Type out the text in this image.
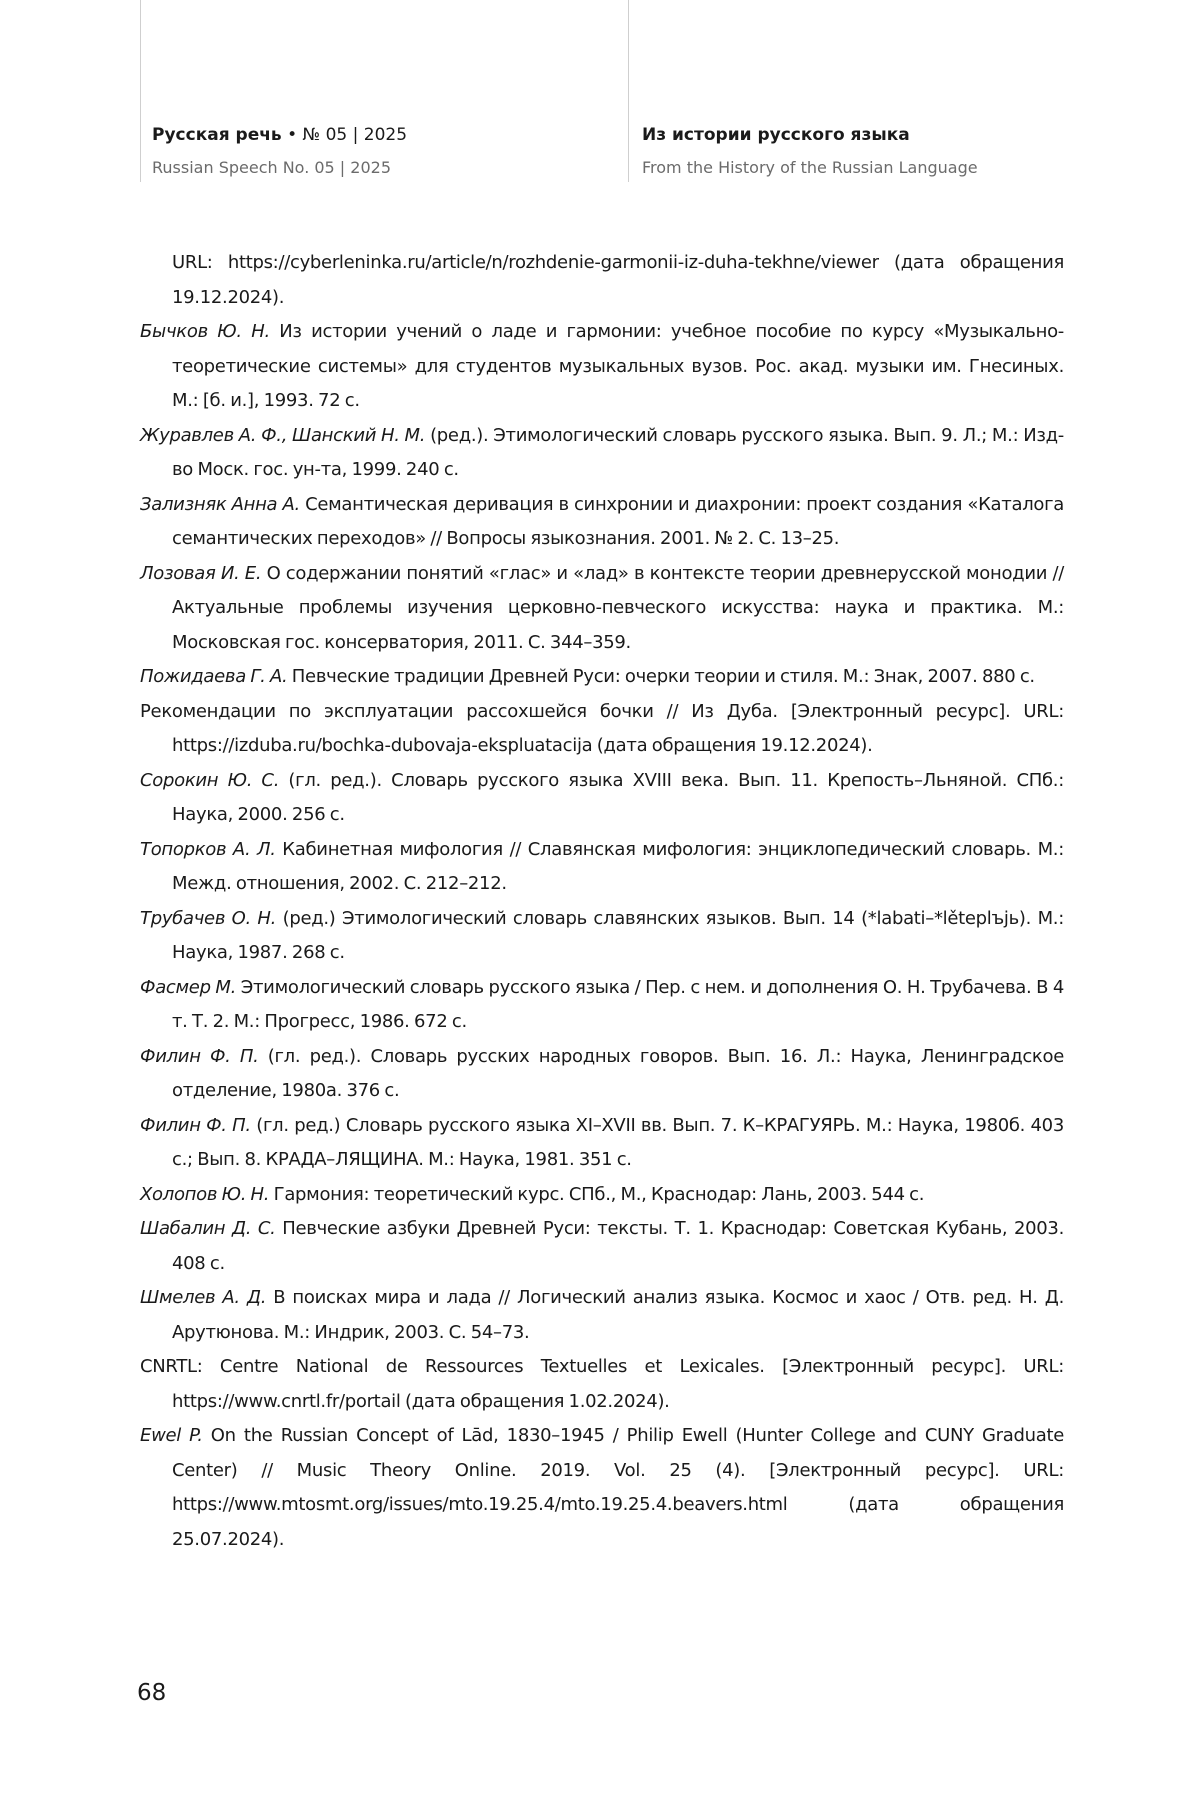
Русская речь • № 05 | 2025
Russian Speech No. 05 | 2025
Из истории русского языка
From the History of the Russian Language

URL: https://cyberleninka.ru/article/n/rozhdenie-garmonii-iz-duha-tekhne/viewer (дата обращения 19.12.2024).

Бычков Ю. Н. Из истории учений о ладе и гармонии: учебное пособие по курсу «Музыкально-теоретические системы» для студентов музыкальных вузов. Рос. акад. музыки им. Гнесиных. М.: [б. и.], 1993. 72 с.

Журавлев А. Ф., Шанский Н. М. (ред.). Этимологический словарь русского языка. Вып. 9. Л.; М.: Изд-во Моск. гос. ун-та, 1999. 240 с.

Зализняк Анна А. Семантическая деривация в синхронии и диахронии: проект создания «Каталога семантических переходов» // Вопросы языкознания. 2001. № 2. С. 13–25.

Лозовая И. Е. О содержании понятий «глас» и «лад» в контексте теории древнерусской монодии // Актуальные проблемы изучения церковно-певческого искусства: наука и практика. М.: Московская гос. консерватория, 2011. С. 344–359.

Пожидаева Г. А. Певческие традиции Древней Руси: очерки теории и стиля. М.: Знак, 2007. 880 с.

Рекомендации по эксплуатации рассохшейся бочки // Из Дуба. [Электронный ресурс]. URL: https://izduba.ru/bochka-dubovaja-ekspluatacija (дата обращения 19.12.2024).

Сорокин Ю. С. (гл. ред.). Словарь русского языка XVIII века. Вып. 11. Крепость–Льняной. СПб.: Наука, 2000. 256 с.

Топорков А. Л. Кабинетная мифология // Славянская мифология: энциклопедический словарь. М.: Межд. отношения, 2002. С. 212–212.

Трубачев О. Н. (ред.) Этимологический словарь славянских языков. Вып. 14 (*labati–*lěteplъjь). М.: Наука, 1987. 268 с.

Фасмер М. Этимологический словарь русского языка / Пер. с нем. и дополнения О. Н. Трубачева. В 4 т. Т. 2. М.: Прогресс, 1986. 672 с.

Филин Ф. П. (гл. ред.). Словарь русских народных говоров. Вып. 16. Л.: Наука, Ленинградское отделение, 1980а. 376 с.

Филин Ф. П. (гл. ред.) Словарь русского языка XI–XVII вв. Вып. 7. К–КРАГУЯРЬ. М.: Наука, 1980б. 403 с.; Вып. 8. КРАДА–ЛЯЩИНА. М.: Наука, 1981. 351 с.

Холопов Ю. Н. Гармония: теоретический курс. СПб., М., Краснодар: Лань, 2003. 544 с.

Шабалин Д. С. Певческие азбуки Древней Руси: тексты. Т. 1. Краснодар: Советская Кубань, 2003. 408 с.

Шмелев А. Д. В поисках мира и лада // Логический анализ языка. Космос и хаос / Отв. ред. Н. Д. Арутюнова. М.: Индрик, 2003. С. 54–73.

CNRTL: Centre National de Ressources Textuelles et Lexicales. [Электронный ресурс]. URL: https://www.cnrtl.fr/portail (дата обращения 1.02.2024).

Ewel P. On the Russian Concept of Lād, 1830–1945 / Philip Ewell (Hunter College and CUNY Graduate Center) // Music Theory Online. 2019. Vol. 25 (4). [Электронный ресурс]. URL: https://www.mtosmt.org/issues/mto.19.25.4/mto.19.25.4.beavers.html (дата обращения 25.07.2024).

68
